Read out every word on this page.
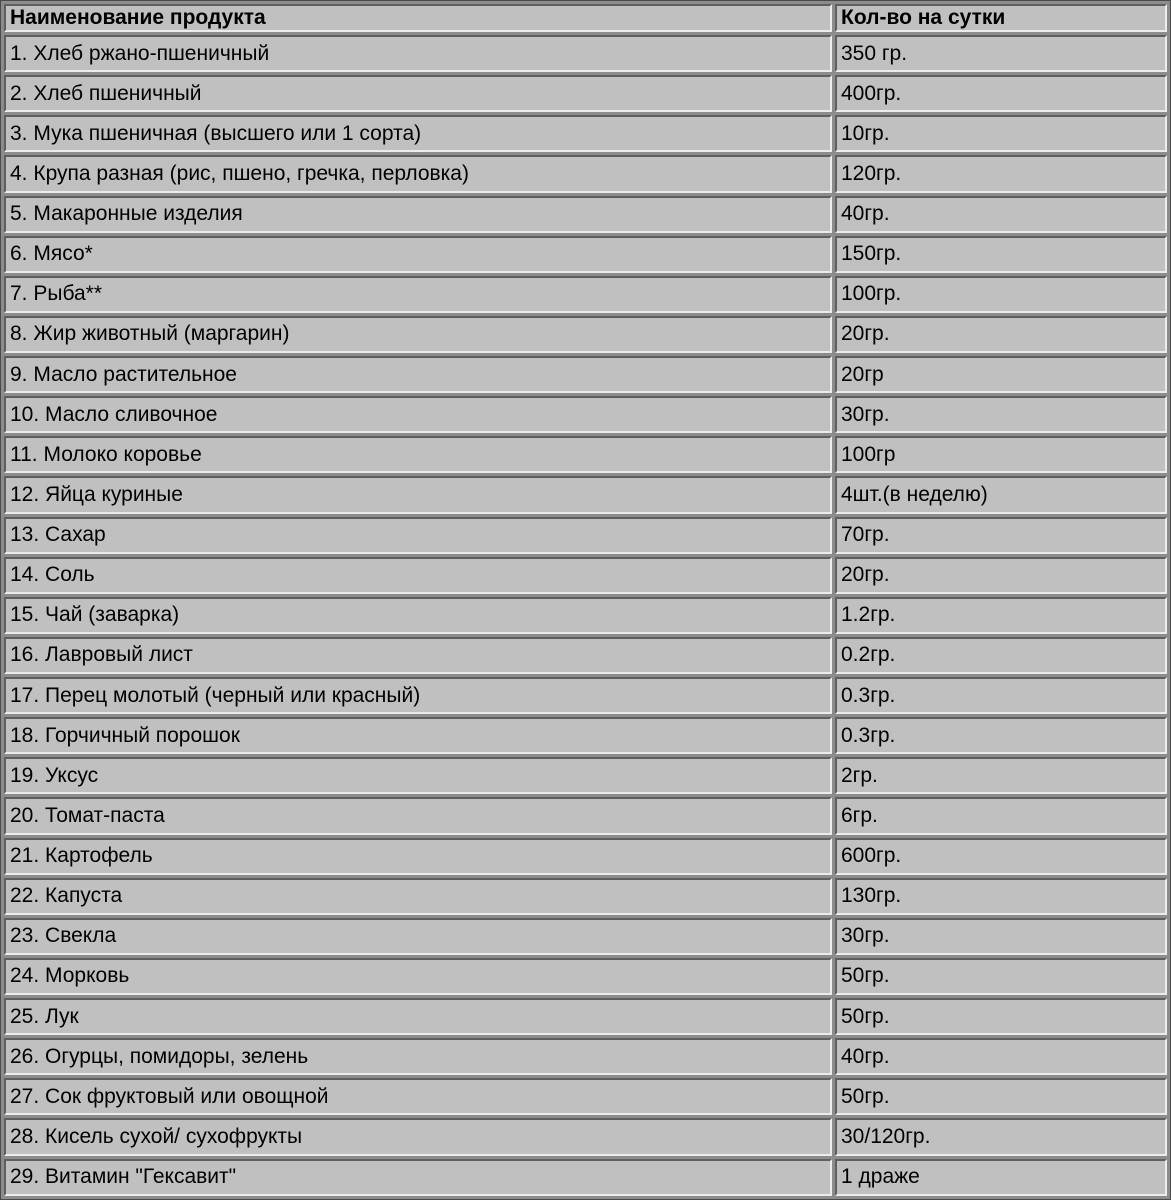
Наименование продукта	Кол-во на сутки
1. Хлеб ржано-пшеничный	350 гр.
2. Хлеб пшеничный	400гр.
3. Мука пшеничная (высшего или 1 сорта)	10гр.
4. Крупа разная (рис, пшено, гречка, перловка)	120гр.
5. Макаронные изделия	40гр.
6. Мясо*	150гр.
7. Рыба**	100гр.
8. Жир животный (маргарин)	20гр.
9. Масло растительное	20гр
10. Масло сливочное	30гр.
11. Молоко коровье	100гр
12. Яйца куриные	4шт.(в неделю)
13. Сахар	70гр.
14. Соль	20гр.
15. Чай (заварка)	1.2гр.
16. Лавровый лист	0.2гр.
17. Перец молотый (черный или красный)	0.3гр.
18. Горчичный порошок	0.3гр.
19. Уксус	2гр.
20. Томат-паста	6гр.
21. Картофель	600гр.
22. Капуста	130гр.
23. Свекла	30гр.
24. Морковь	50гр.
25. Лук	50гр.
26. Огурцы, помидоры, зелень	40гр.
27. Сок фруктовый или овощной	50гр.
28. Кисель сухой/ сухофрукты	30/120гр.
29. Витамин "Гексавит"	1 драже
